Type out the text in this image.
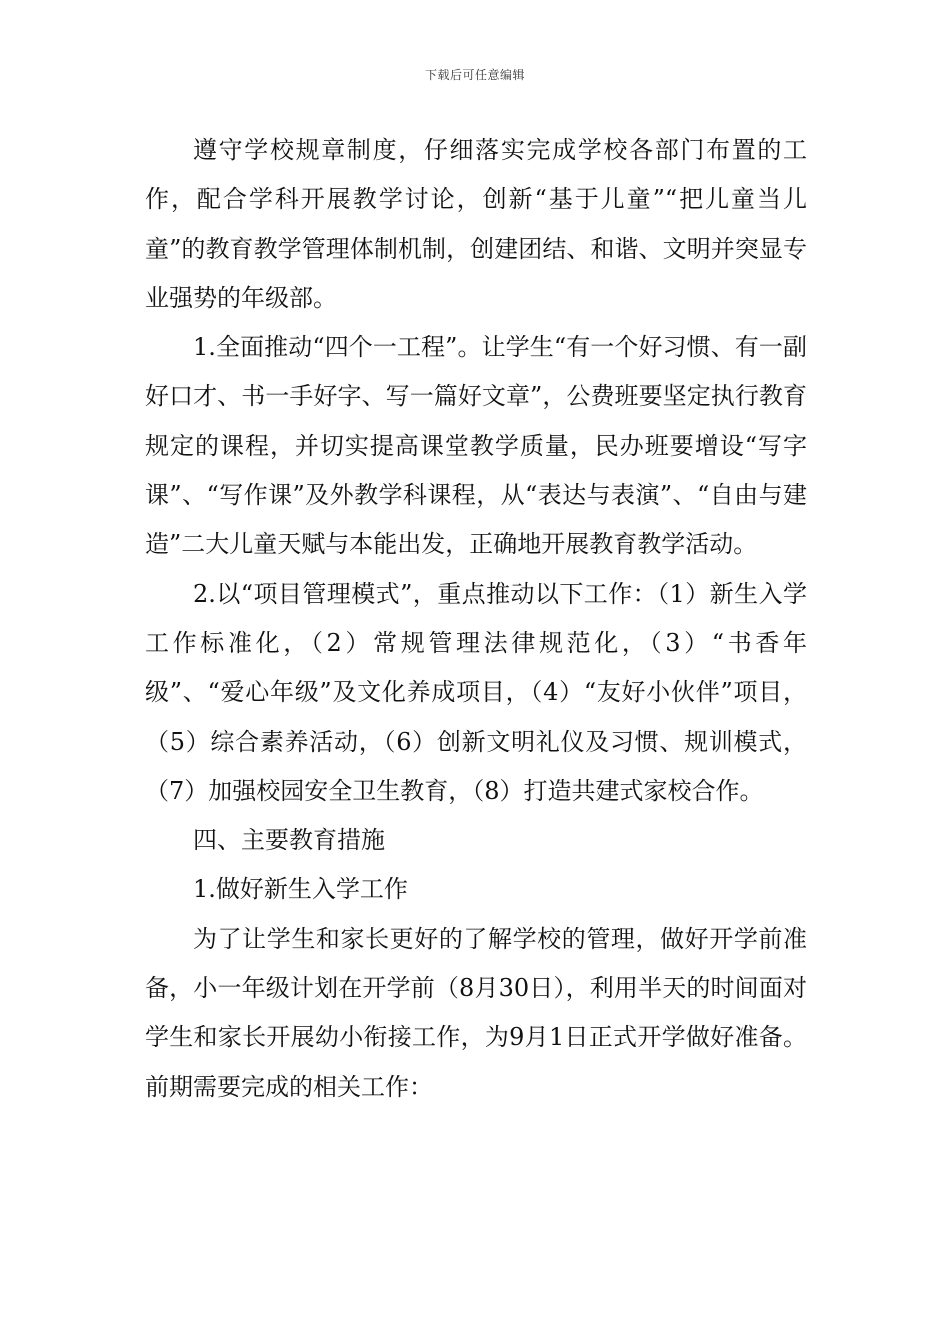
下载后可任意编辑

遵守学校规章制度，仔细落实完成学校各部门布置的工作，配合学科开展教学讨论，创新“基于儿童”“把儿童当儿童”的教育教学管理体制机制，创建团结、和谐、文明并突显专业强势的年级部。

1.全面推动“四个一工程”。让学生“有一个好习惯、有一副好口才、书一手好字、写一篇好文章”，公费班要坚定执行教育规定的课程，并切实提高课堂教学质量，民办班要增设“写字课”、“写作课”及外教学科课程，从“表达与表演”、“自由与建造”二大儿童天赋与本能出发，正确地开展教育教学活动。

2.以“项目管理模式”，重点推动以下工作：（1）新生入学工作标准化，（2）常规管理法律规范化，（3）“书香年级”、“爱心年级”及文化养成项目，（4）“友好小伙伴”项目，（5）综合素养活动，（6）创新文明礼仪及习惯、规训模式，（7）加强校园安全卫生教育，（8）打造共建式家校合作。

四、主要教育措施

1.做好新生入学工作

为了让学生和家长更好的了解学校的管理，做好开学前准备，小一年级计划在开学前（8月30日），利用半天的时间面对学生和家长开展幼小衔接工作，为9月1日正式开学做好准备。前期需要完成的相关工作：
